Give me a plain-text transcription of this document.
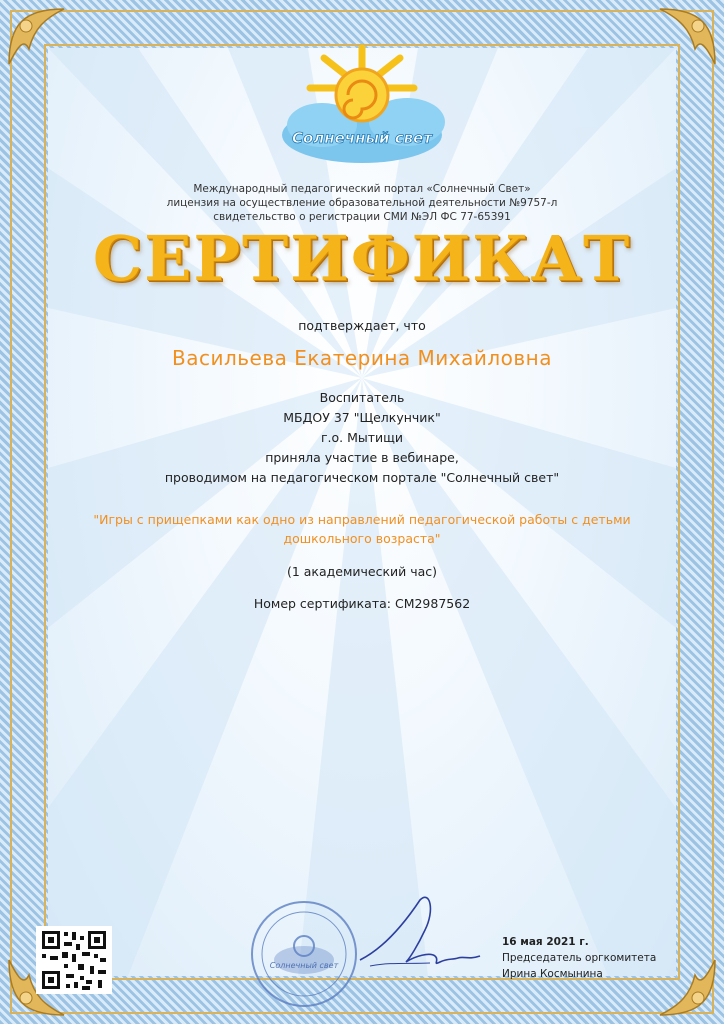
Солнечный свет
Международный педагогический портал «Солнечный Свет»
лицензия на осуществление образовательной деятельности №9757-л
свидетельство о регистрации СМИ №ЭЛ ФС 77-65391
СЕРТИФИКАТ
подтверждает, что
Васильева Екатерина Михайловна
Воспитатель
МБДОУ 37 "Щелкунчик"
г.о. Мытищи
приняла участие в вебинаре,
проводимом на педагогическом портале "Солнечный свет"
"Игры с прищепками как одно из направлений педагогической работы с детьми дошкольного возраста"
(1 академический час)
Номер сертификата: СМ2987562
Солнечный свет
16 мая 2021 г.
Председатель оргкомитета
Ирина Космынина
